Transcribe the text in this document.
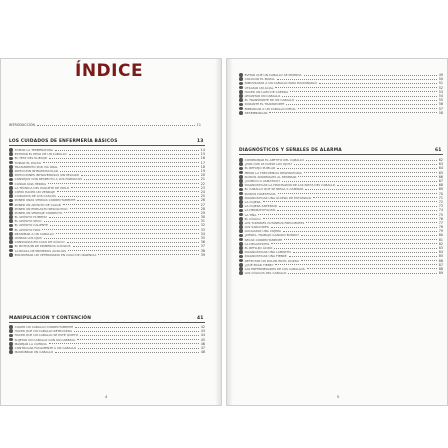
ÍNDICE
INTRODUCCIÓN	11
LOS CUIDADOS DE ENFERMERÍA BÁSICOS	13
TOMAR LA TEMPERATURA	14
ESTIMAR EL PESO DE UN CABALLO	15
EL TEST DEL PLIEGUE	16
TOMAR EL PULSO	17
TRATAMIENTO POR VÍA ORAL	18
INYECCIÓN INTRAMUSCULAR	19
INYECCIONES INTRAVENOSAS SIN PELIGRO	20
CONSEJOS CON RESPECTO A LOS FÁRMACOS	21
CUIDAR UNA HERIDA	22
LA TÉCNICA DEL PAQUETE DE HIELO	23
CÓMO HACER UN VENDAJE	24
CUIDADOS DE LOS CASCOS	25
PONER UNAS VENDAS CORRECTAMENTE	26
PONER UN APÓSITO DE CALOR	27
PONER UN EMPLASTO RESOLUTIVO	28
PONER UN VENDAJE CORRECTO	29
EL APÓSITO HÚMEDO	30
EL APÓSITO SECO	31
EL APÓSITO CALIENTE	32
EL APÓSITO FRÍO	33
REANIMAR A UN CABALLO	34
LIMPIAR LOS OJOS	35
CONSIGNAS EN CASO DE CÓLICO	36
EL BOTIQUÍN DE PRIMEROS AUXILIOS	37
LA BOLSA DE PRIMEROS AUXILIOS	38
ENCONTRAR UN VETERINARIO EN CASO DE URGENCIA	39
MANIPULACIÓN Y CONTENCIÓN	41
COGER UN CABALLO CORRECTAMENTE	42
HACER QUE UN CABALLO RETROCEDA	43
HACER QUE UN CABALLO SE ESTÉ QUIETO	44
SUJETAR UN CABALLO CON UN CABEZAL	45
MANEJAR LA CUERDA	46
CONTROLAR FÁCILMENTE A UN CABALLO	47
MANIOBRAR UN CABALLO	48
4
EVITAR QUE UN CABALLO SE MUERDA	49
COLOCAR EL BOZAL	50
INMOVILIZAR A UN CABALLO PARA EXAMINARLO	51
UTILIZAR UN ACIAL	52
HACER UN LAZO DE CUERDA	53
LEVANTAR UN CABALLO	54
EL TRANSPORTE DE UN CABALLO	55
DURANTE EL TRANSPORTE	56
EMBARCAR A UN CABALLO DIFÍCIL	57
DESEMBARCAR	58
DIAGNÓSTICOS Y SEÑALES DE ALARMA	61
COMPROBAR EL APETITO DEL CABALLO	62
¿POR QUÉ LE DUELE LOS OJOS?	63
EL REFLEJO PUPILAR	64
MEDIR LA FRECUENCIA RESPIRATORIA	65
RUIDOS ANORMALES AL RESPIRAR	66
¿CÓMICO O ASMÁTICO?	67
DIAGNOSTICAR LA HINCHAZÓN DE LAS PATAS DEL CABALLO	68
EL CABALLO QUE SE NIEGA A CAMINAR	69
RUIDOS DIGESTIVOS	70
DIAGNOSTICAR UNA ÚLCERA DE ESTÓMAGO	71
LA COJERA	72
LA COJERA ANTERIOR	73
LA DERMATOFILOSIS	74
LA TIÑA	75
EL CÓLICO	76
LOS TUMORES CUTÁNEOS FRECUENTES	77
LOS SARCOIDES	78
LOCALIZAR UNA COJERA	79
¿DESEA, TRABAJO GANADO BURRO?	80
SECAR CORRECTAMENTE	81
LA DEGASTRITIS	82
EL REFLUJO ÁCIDO	83
DIAGNOSTICAR UNA LAMINITIS	84
DIAGNOSTICAR UNA FIEBRE	85
DETECTAR UN DOLOR EN EL DORSO	86
¿QUÉ EDAD TIENE?	87
LAS ENFERMEDADES DE LOS CABALLOS	88
LOS CÓLICOS DEL CABALLO	89
5
